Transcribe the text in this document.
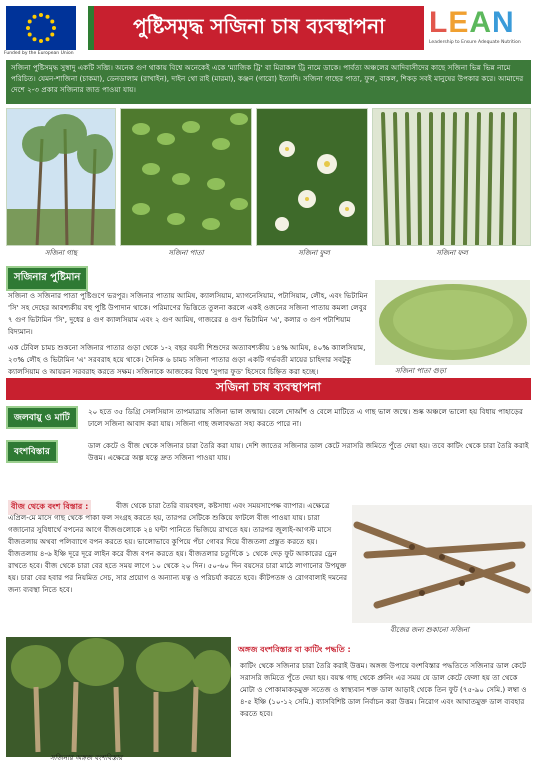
Funded by the European Union
পুষ্টিসমৃদ্ধ সজিনা চাষ ব্যবস্থাপনা	LEAN
Leadership to Ensure Adequate Nutrition
সজিনা পুষ্টিসমৃদ্ধ সুস্বাদু একটি সব্জি। অনেক গুণ থাকায় বিশ্বে অনেকেই একে 'ম্যাজিক ট্রি' বা মিরাকল ট্রি নামে ডাকে। পার্বত্য অঞ্চলের আদিবাসীদের কাছে সজিনা ভিন্ন ভিন্ন নামে পরিচিত। যেমন-শাজিনা (চাকমা), ডেনডালাম (রাখাইন), দাইন থো রাই (মারমা), কঞ্জন (গারো) ইত্যাদি। সজিনা গাছের পাতা, ফুল, বাকল, শিকড় সবই মানুষের উপকার করে। আমাদের দেশে ২-৩ প্রকার সজিনার জাত পাওয়া যায়।
সজিনা গাছ	সজিনা পাতা	সজিনা ফুল	সজিনা ফল
সজিনার পুষ্টিমান
সজিনা ও সজিনার পাতা পুষ্টিগুণে ভরপুর। সজিনার পাতায় আমিষ, ক্যালসিয়াম, ম্যাগনেসিয়াম, পটাসিয়াম, লৌহ, এবং ভিটামিন 'সি' সহ দেহের আবশ্যকীয় বহু পুষ্টি উপাদান থাকে। পরিমাণের ভিত্তিতে তুলনা করলে একই ওজনের সজিনা পাতায় কমলা লেবুর ৭ গুণ ভিটামিন 'সি', দুধের ৪ গুণ ক্যালসিয়াম এবং ২ গুণ আমিষ, গাজরের ৪ গুণ ভিটামিন 'এ', কলার ৩ গুণ পটাশিয়াম বিদ্যমান।
এক টেবিল চামচ শুকনো সজিনার পাতার গুড়া থেকে ১-২ বছর বয়সী শিশুদের অত্যাবশ্যকীয় ১৪% আমিষ, ৪০% ক্যালসিয়াম, ২৩% লৌহ ও ভিটামিন 'এ' সরবরাহ হয়ে থাকে। দৈনিক ৬ চামচ সজিনা পাতার গুড়া একটি গর্ভবতী মায়ের চাহিদার সবটুকু ক্যালসিয়াম ও আয়রন সরবরাহ করতে সক্ষম। সজিনাকে আজকের বিশ্বে 'সুপার ফুড' হিসেবে চিহ্নিত করা হচ্ছে।	সজিনা পাতা গুড়া
সজিনা চাষ ব্যবস্থাপনা
জলবায়ু ও মাটি
২০ হতে ৩৫ ডিগ্রি সেলসিয়াস তাপমাত্রায় সজিনা ভাল জন্মায়। বেলে দোআঁশ ও বেলে মাটিতে এ গাছ ভাল জন্মে। শুষ্ক অঞ্চলে ভালো হয় বিধায় পাহাড়ের ঢালে সজিনা আবাদ করা যায়। সজিনা গাছ জলাবদ্ধতা সহ্য করতে পারে না।
বংশবিস্তার
ডাল কেটে ও বীজ থেকে সজিনার চারা তৈরি করা যায়। দেশি জাতের সজিনার ডাল কেটে সরাসরি জমিতে পুঁতে দেয়া হয়। তবে কাটিং থেকে চারা তৈরি করাই উত্তম। এক্ষেত্রে অল্প যত্নে দ্রুত সজিনা পাওয়া যায়।
বীজ থেকে বংশ বিস্তার :	বীজ থেকে চারা তৈরি ব্যয়বহুল, কষ্টসাধ্য এবং সময়সাপেক্ষ ব্যাপার। এক্ষেত্রে এপ্রিল-মে মাসে গাছ থেকে পাকা ফল সংগ্রহ করতে হয়, তারপর সেটিকে শুকিয়ে ফাটলে বীজ পাওয়া যায়। চারা গজানোর সুবিধার্থে বপনের আগে বীজগুলোকে ২৪ ঘন্টা পানিতে ভিজিয়ে রাখতে হয়। তারপর জুলাই-আগস্ট মাসে বীজতলায় অথবা পলিব্যাগে বপন করতে হয়। ভালোভাবে কুপিয়ে পঁচা গোবর দিয়ে বীজতলা প্রস্তুত করতে হয়। বীজতলায় ৪-৬ ইঞ্চি দূরে দূরে লাইন করে বীজ বপন করতে হয়। বীজতলার চতুর্দিকে ১ থেকে দেড় ফুট আকারের ড্রেন রাখতে হবে। বীজ থেকে চারা বের হতে সময় লাগে ১০ থেকে ২০ দিন। ৫০-৬০ দিন বয়সের চারা মাঠে লাগানোর উপযুক্ত হয়। চারা বের হবার পর নিয়মিত সেচ, সার প্রয়োগ ও অন্যান্য যত্ন ও পরিচর্যা করতে হবে। কীটপতঙ্গ ও রোগবালাই দমনের জন্য ব্যবস্থা নিতে হবে।
বীজের জন্য শুকানো সজিনা
সজিনার অঙ্গজ বংশবিস্তার
অঙ্গজ বংশবিস্তার বা কাটিং পদ্ধতি :
কাটিং থেকে সজিনার চারা তৈরি করাই উত্তম। অঙ্গজ উপায়ে বংশবিস্তার পদ্ধতিতে সজিনার ডাল কেটে সরাসরি জমিতে পুঁতে দেয়া হয়। বয়স্ক গাছ থেকে প্রুনিং এর সময় যে ডাল কেটে ফেলা হয় তা থেকে মোটা ও পোকামাকড়মুক্ত সতেজ ও স্বাস্থ্যবান শক্ত ডাল আড়াই থেকে তিন ফুট (৭৫-৯০ সেমি.) লম্বা ও ৪-৫ ইঞ্চি (১০-১২ সেমি.) ব্যাসবিশিষ্ট ডাল নির্বাচন করা উত্তম। নিরোগ এবং আঘাতমুক্ত ডাল ব্যবহার করতে হবে।
